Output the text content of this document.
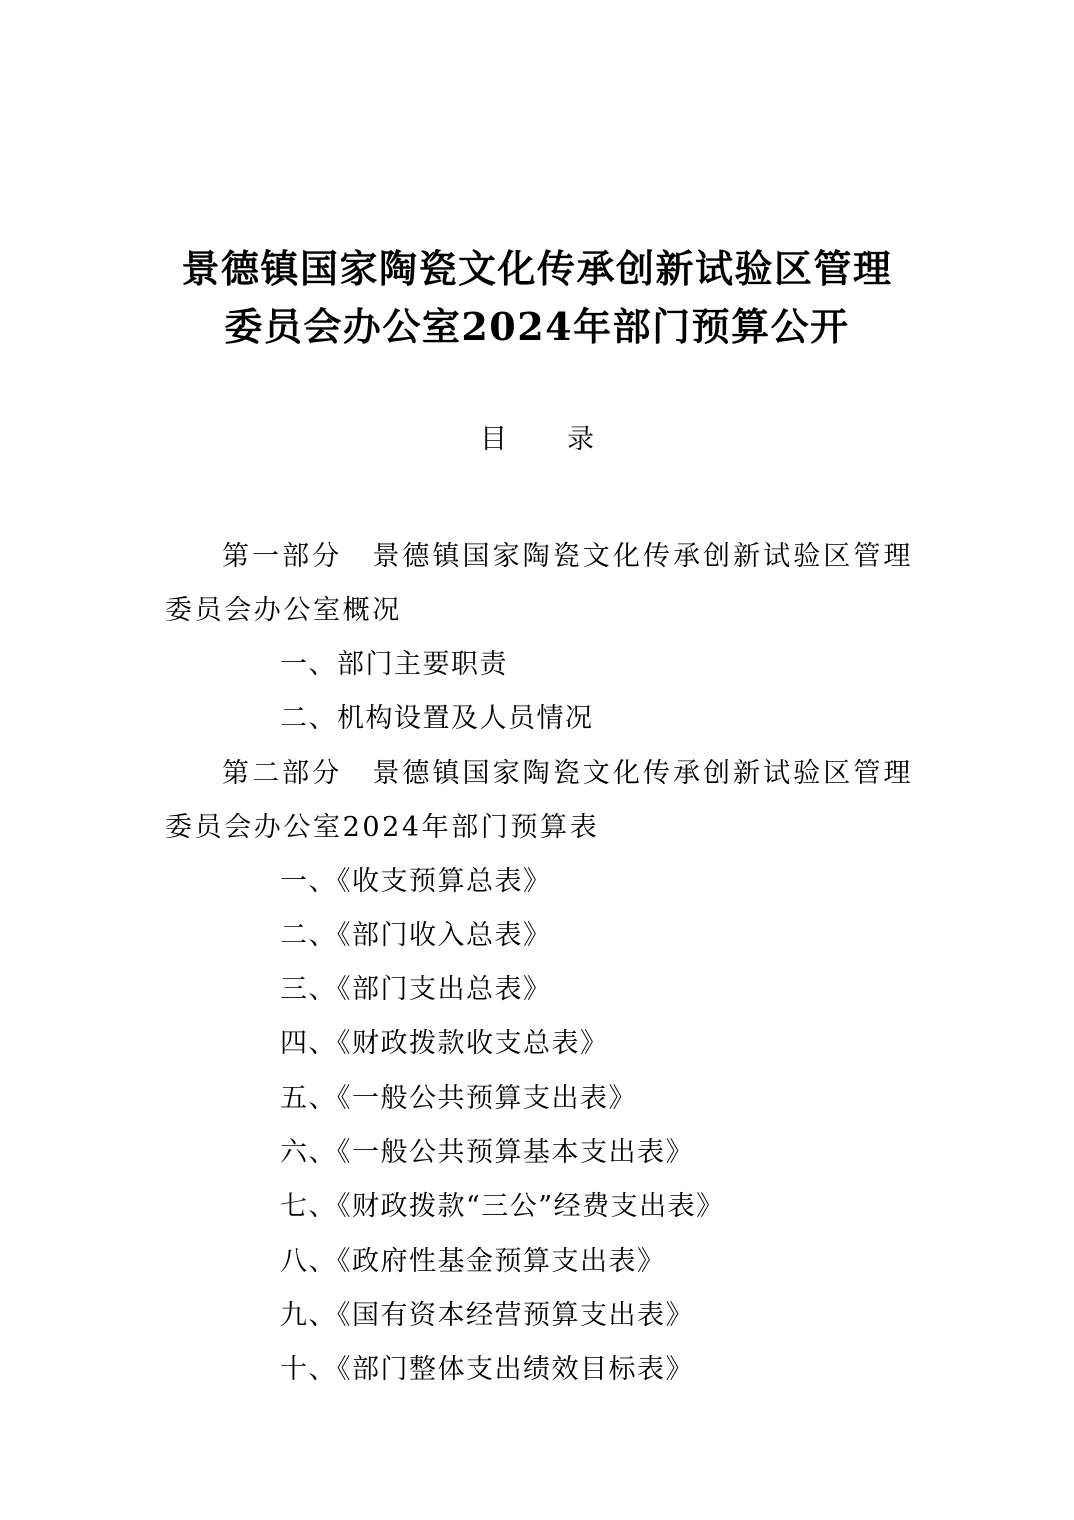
景德镇国家陶瓷文化传承创新试验区管理
委员会办公室2024年部门预算公开
目 录

第一部分　景德镇国家陶瓷文化传承创新试验区管理委员会办公室概况

一、部门主要职责

二、机构设置及人员情况

第二部分　景德镇国家陶瓷文化传承创新试验区管理委员会办公室2024年部门预算表

一、《收支预算总表》

二、《部门收入总表》

三、《部门支出总表》

四、《财政拨款收支总表》

五、《一般公共预算支出表》

六、《一般公共预算基本支出表》

七、《财政拨款“三公”经费支出表》

八、《政府性基金预算支出表》

九、《国有资本经营预算支出表》

十、《部门整体支出绩效目标表》
